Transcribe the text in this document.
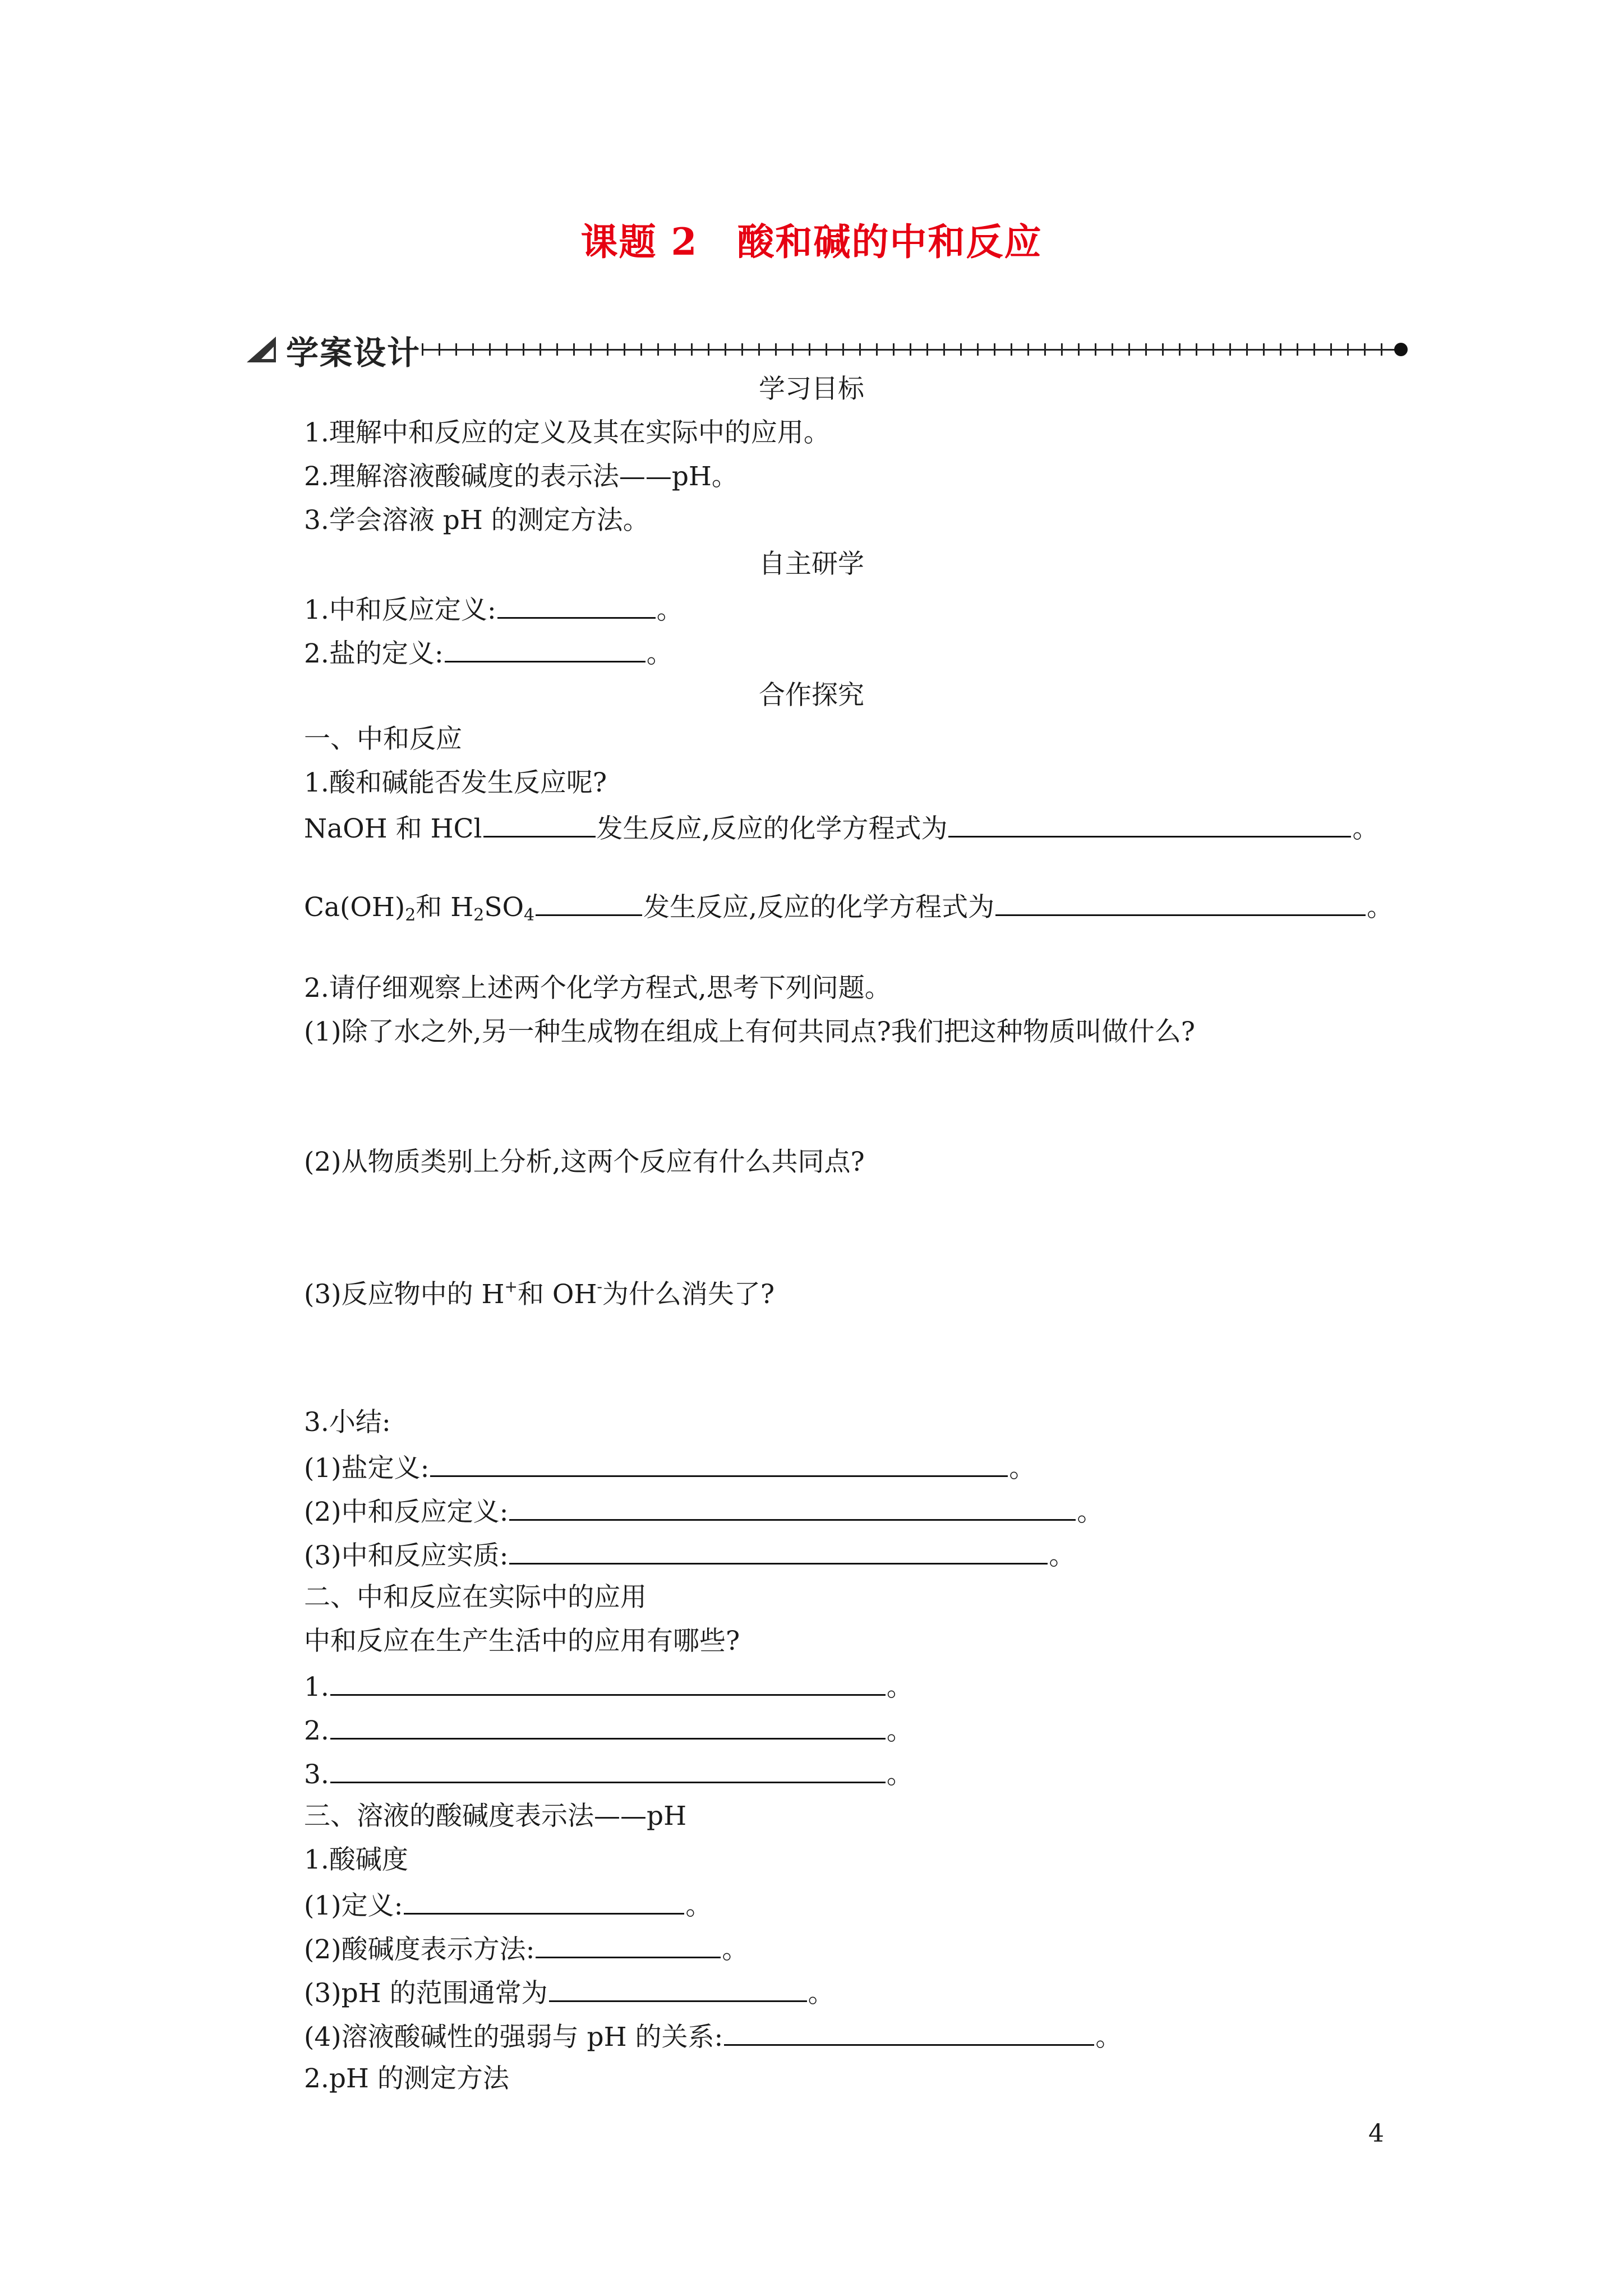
课题 2 酸和碱的中和反应
学案设计
学习目标
1.理解中和反应的定义及其在实际中的应用。
2.理解溶液酸碱度的表示法——pH。
3.学会溶液 pH 的测定方法。
自主研学
1.中和反应定义:	。
2.盐的定义:	。
合作探究
一、中和反应
1.酸和碱能否发生反应呢?
NaOH 和 HCl	发生反应,反应的化学方程式为	。
$Ca(OH)_2$和 $H_2SO_4$	发生反应,反应的化学方程式为	。
2.请仔细观察上述两个化学方程式,思考下列问题。
(1)除了水之外,另一种生成物在组成上有何共同点?我们把这种物质叫做什么?
(2)从物质类别上分析,这两个反应有什么共同点?
(3)反应物中的 H+和 OH-为什么消失了?
3.小结:
(1)盐定义:	。
(2)中和反应定义:	。
(3)中和反应实质:	。
二、中和反应在实际中的应用
中和反应在生产生活中的应用有哪些?
1.	。
2.	。
3.	。
三、溶液的酸碱度表示法——pH
1.酸碱度
(1)定义:	。
(2)酸碱度表示方法:	。
(3)pH 的范围通常为	。
(4)溶液酸碱性的强弱与 pH 的关系:	。
2.pH 的测定方法
4
